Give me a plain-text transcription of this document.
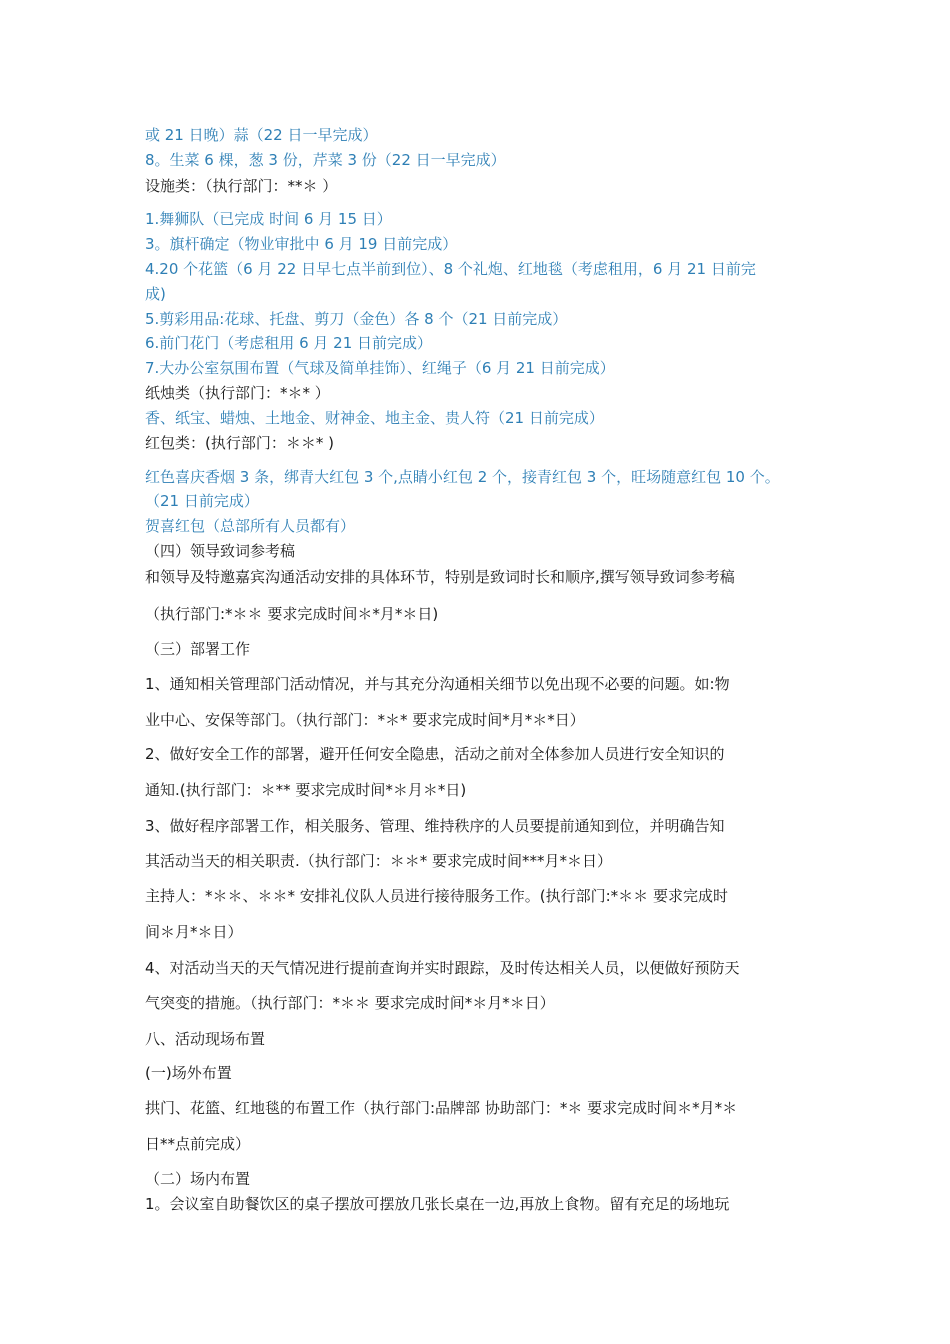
或 21 日晚）蒜（22 日一早完成）
8。生菜 6 棵，葱 3 份，芹菜 3 份（22 日一早完成）
设施类：（执行部门：**＊ ）
1.舞狮队（已完成 时间 6 月 15 日）
3。旗杆确定（物业审批中 6 月 19 日前完成）
4.20 个花篮（6 月 22 日早七点半前到位）、8 个礼炮、红地毯（考虑租用，6 月 21 日前完
成)
5.剪彩用品:花球、托盘、剪刀（金色）各 8 个（21 日前完成）
6.前门花门（考虑租用 6 月 21 日前完成）
7.大办公室氛围布置（气球及简单挂饰）、红绳子（6 月 21 日前完成）
纸烛类（执行部门：*＊* ）
香、纸宝、蜡烛、土地金、财神金、地主金、贵人符（21 日前完成）
红包类：(执行部门：＊＊* )
红色喜庆香烟 3 条，绑青大红包 3 个,点睛小红包 2 个，接青红包 3 个，旺场随意红包 10 个。
（21 日前完成）
贺喜红包（总部所有人员都有）
（四）领导致词参考稿
和领导及特邀嘉宾沟通活动安排的具体环节，特别是致词时长和顺序,撰写领导致词参考稿
（执行部门:*＊＊ 要求完成时间＊*月*＊日)
（三）部署工作
1、通知相关管理部门活动情况，并与其充分沟通相关细节以免出现不必要的问题。如:物
业中心、安保等部门。（执行部门：*＊* 要求完成时间*月*＊*日）
2、做好安全工作的部署，避开任何安全隐患，活动之前对全体参加人员进行安全知识的
通知.(执行部门：＊** 要求完成时间*＊月＊*日)
3、做好程序部署工作，相关服务、管理、维持秩序的人员要提前通知到位，并明确告知
其活动当天的相关职责.（执行部门：＊＊* 要求完成时间***月*＊日）
主持人：*＊＊、＊＊* 安排礼仪队人员进行接待服务工作。(执行部门:*＊＊ 要求完成时
间＊月*＊日）
4、对活动当天的天气情况进行提前查询并实时跟踪，及时传达相关人员，以便做好预防天
气突变的措施。（执行部门：*＊＊ 要求完成时间*＊月*＊日）
八、活动现场布置
(一)场外布置
拱门、花篮、红地毯的布置工作（执行部门:品牌部 协助部门：*＊ 要求完成时间＊*月*＊
日**点前完成）
（二）场内布置
1。会议室自助餐饮区的桌子摆放可摆放几张长桌在一边,再放上食物。留有充足的场地玩
